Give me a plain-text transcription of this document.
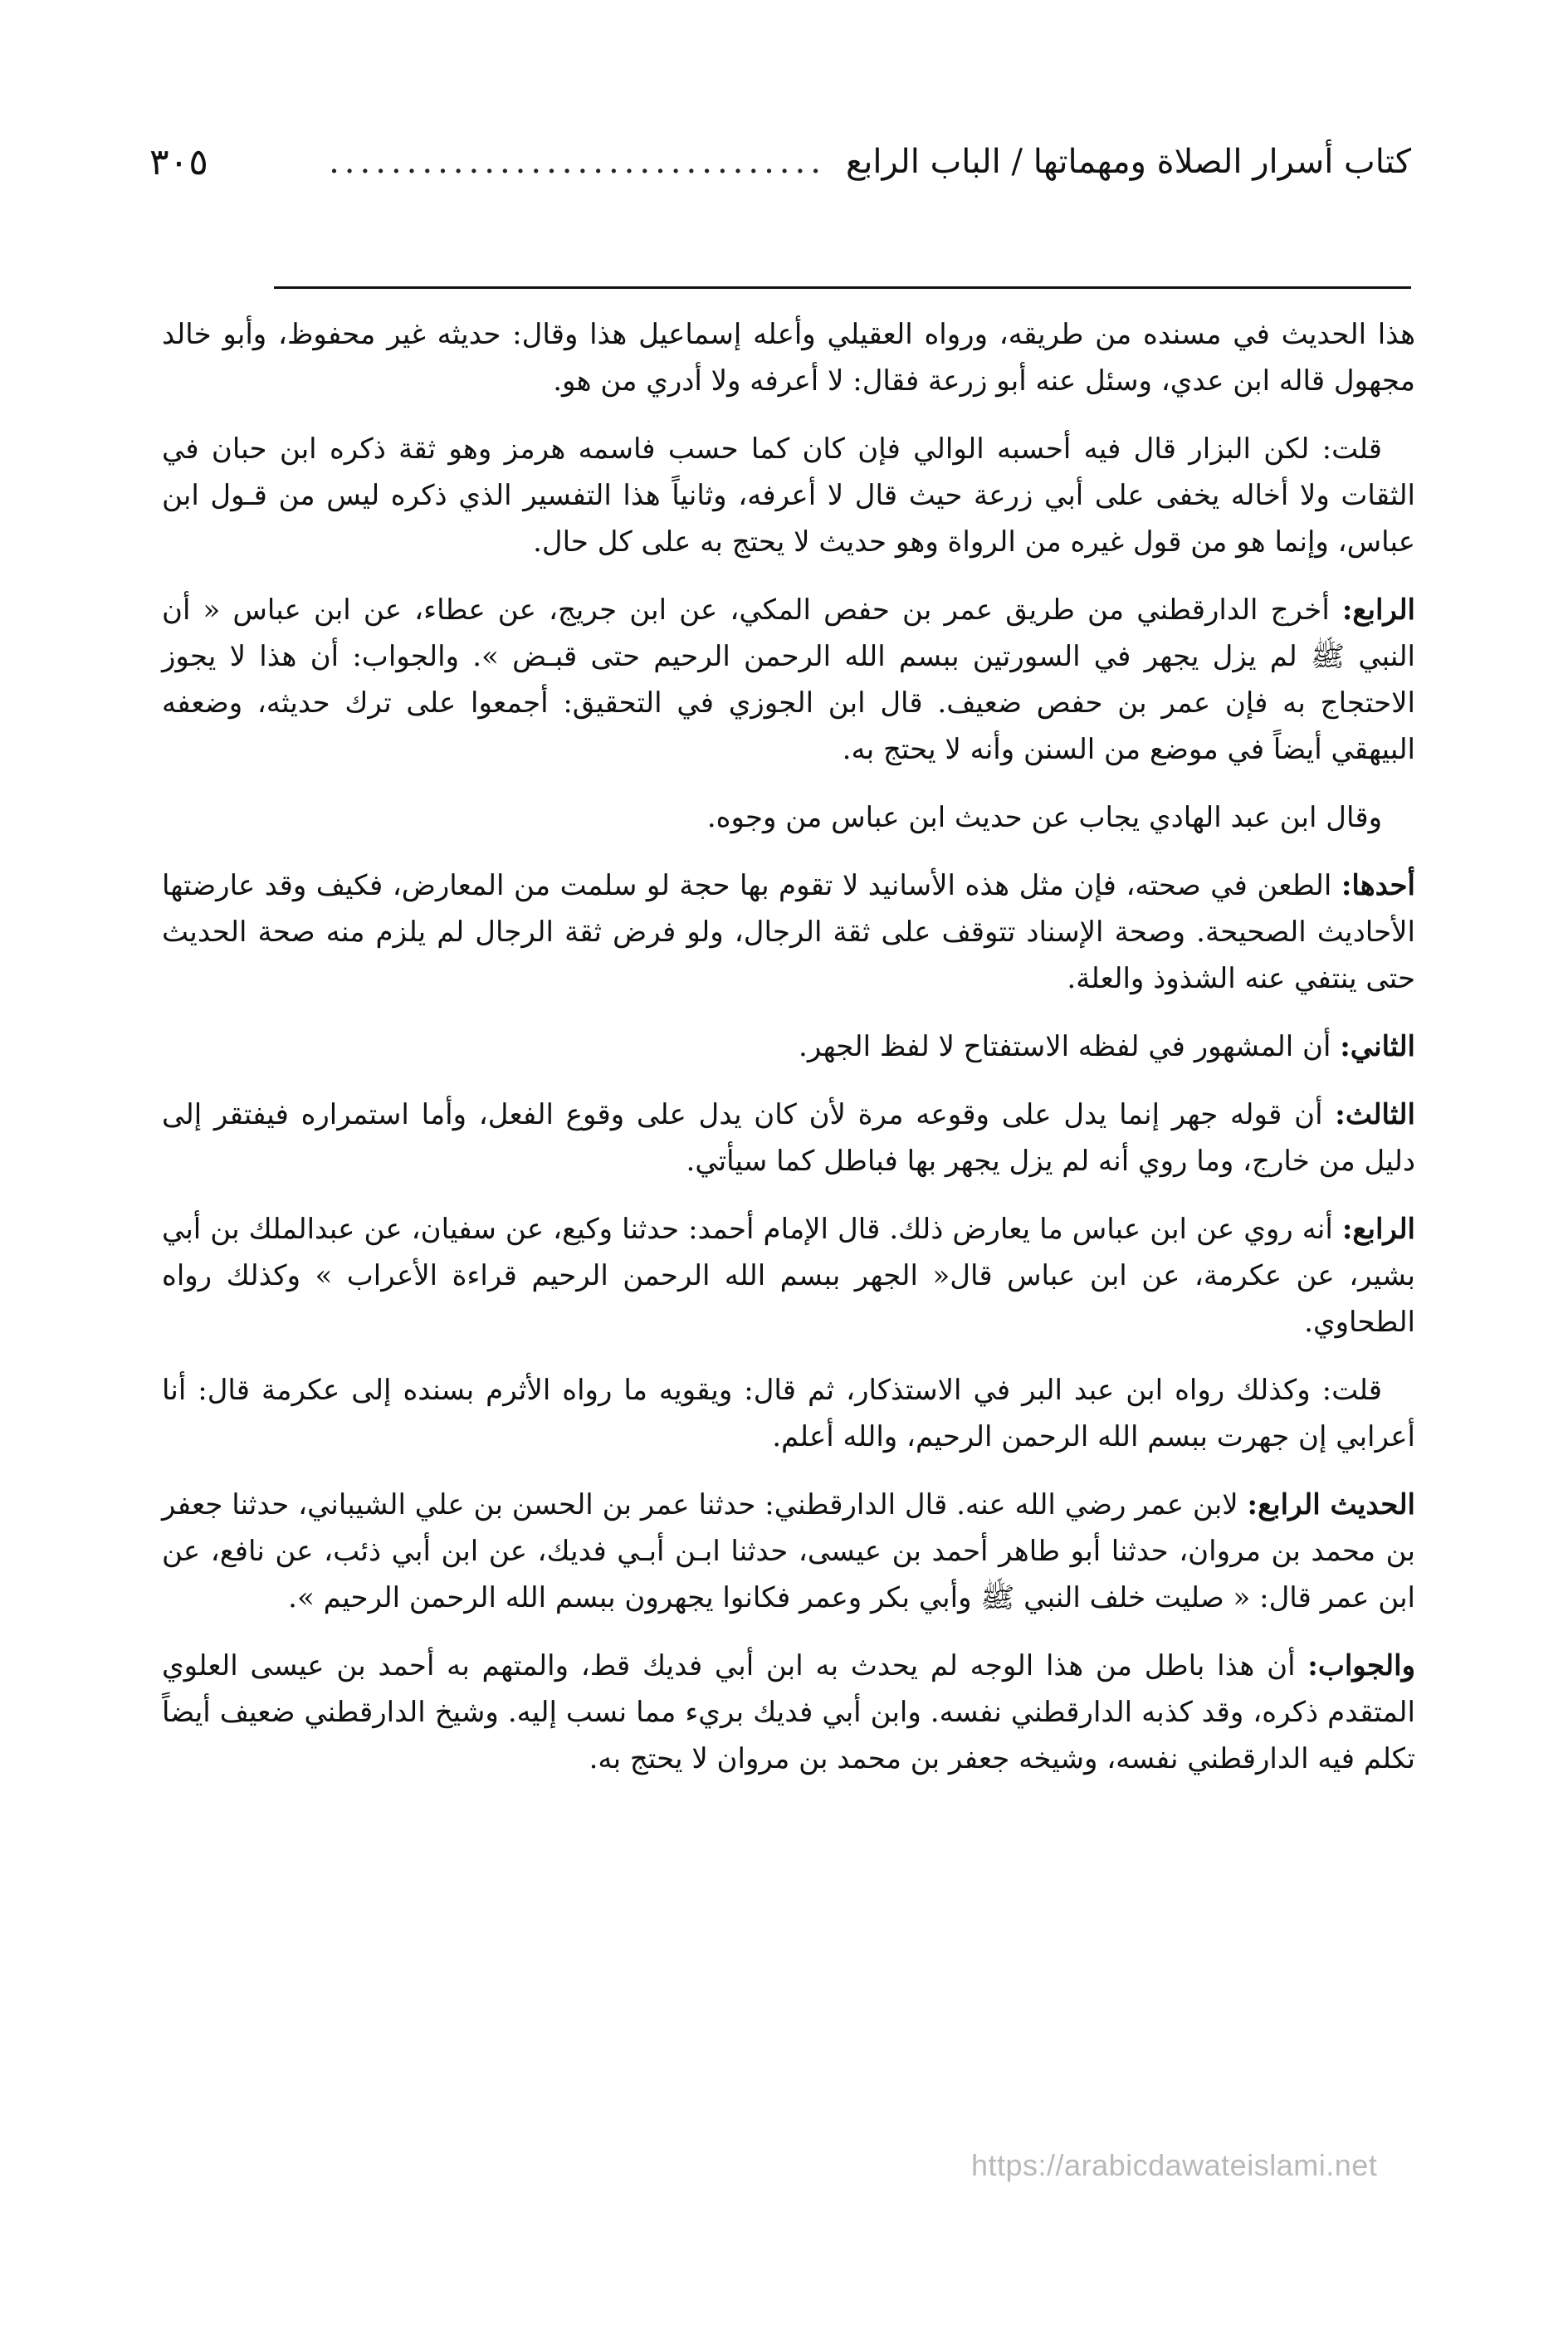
كتاب أسرار الصلاة ومهماتها / الباب الرابع
................................
٣٠٥

هذا الحديث في مسنده من طريقه، ورواه العقيلي وأعله إسماعيل هذا وقال: حديثه غير محفوظ، وأبو خالد مجهول قاله ابن عدي، وسئل عنه أبو زرعة فقال: لا أعرفه ولا أدري من هو.

قلت: لكن البزار قال فيه أحسبه الوالي فإن كان كما حسب فاسمه هرمز وهو ثقة ذكره ابن حبان في الثقات ولا أخاله يخفى على أبي زرعة حيث قال لا أعرفه، وثانياً هذا التفسير الذي ذكره ليس من قـول ابن عباس، وإنما هو من قول غيره من الرواة وهو حديث لا يحتج به على كل حال.

الرابع: أخرج الدارقطني من طريق عمر بن حفص المكي، عن ابن جريج، عن عطاء، عن ابن عباس « أن النبي ﷺ لم يزل يجهر في السورتين ببسم الله الرحمن الرحيم حتى قبـض ». والجواب: أن هذا لا يجوز الاحتجاج به فإن عمر بن حفص ضعيف. قال ابن الجوزي في التحقيق: أجمعوا على ترك حديثه، وضعفه البيهقي أيضاً في موضع من السنن وأنه لا يحتج به.

وقال ابن عبد الهادي يجاب عن حديث ابن عباس من وجوه.

أحدها: الطعن في صحته، فإن مثل هذه الأسانيد لا تقوم بها حجة لو سلمت من المعارض، فكيف وقد عارضتها الأحاديث الصحيحة. وصحة الإسناد تتوقف على ثقة الرجال، ولو فرض ثقة الرجال لم يلزم منه صحة الحديث حتى ينتفي عنه الشذوذ والعلة.

الثاني: أن المشهور في لفظه الاستفتاح لا لفظ الجهر.

الثالث: أن قوله جهر إنما يدل على وقوعه مرة لأن كان يدل على وقوع الفعل، وأما استمراره فيفتقر إلى دليل من خارج، وما روي أنه لم يزل يجهر بها فباطل كما سيأتي.

الرابع: أنه روي عن ابن عباس ما يعارض ذلك. قال الإمام أحمد: حدثنا وكيع، عن سفيان، عن عبدالملك بن أبي بشير، عن عكرمة، عن ابن عباس قال« الجهر ببسم الله الرحمن الرحيم قراءة الأعراب » وكذلك رواه الطحاوي.

قلت: وكذلك رواه ابن عبد البر في الاستذكار، ثم قال: ويقويه ما رواه الأثرم بسنده إلى عكرمة قال: أنا أعرابي إن جهرت ببسم الله الرحمن الرحيم، والله أعلم.

الحديث الرابع: لابن عمر رضي الله عنه. قال الدارقطني: حدثنا عمر بن الحسن بن علي الشيباني، حدثنا جعفر بن محمد بن مروان، حدثنا أبو طاهر أحمد بن عيسى، حدثنا ابـن أبـي فديك، عن ابن أبي ذئب، عن نافع، عن ابن عمر قال: « صليت خلف النبي ﷺ وأبي بكر وعمر فكانوا يجهرون ببسم الله الرحمن الرحيم ».

والجواب: أن هذا باطل من هذا الوجه لم يحدث به ابن أبي فديك قط، والمتهم به أحمد بن عيسى العلوي المتقدم ذكره، وقد كذبه الدارقطني نفسه. وابن أبي فديك بريء مما نسب إليه. وشيخ الدارقطني ضعيف أيضاً تكلم فيه الدارقطني نفسه، وشيخه جعفر بن محمد بن مروان لا يحتج به.

https://arabicdawateislami.net
